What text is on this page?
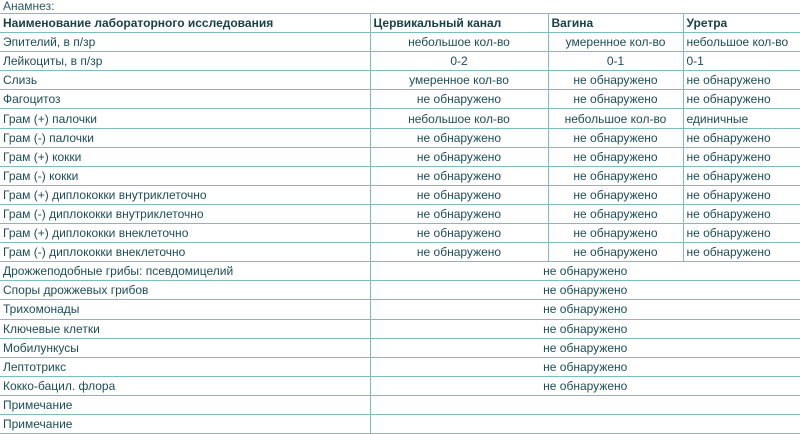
Анамнез:
Наименование лабораторного исследования	Цервикальный канал	Вагина	Уретра
Эпителий, в п/зр	небольшое кол-во	умеренное кол-во	небольшое кол-во
Лейкоциты, в п/зр	0-2	0-1	0-1
Слизь	умеренное кол-во	не обнаружено	не обнаружено
Фагоцитоз	не обнаружено	не обнаружено	не обнаружено
Грам (+) палочки	небольшое кол-во	небольшое кол-во	единичные
Грам (-) палочки	не обнаружено	не обнаружено	не обнаружено
Грам (+) кокки	не обнаружено	не обнаружено	не обнаружено
Грам (-) кокки	не обнаружено	не обнаружено	не обнаружено
Грам (+) диплококки внутриклеточно	не обнаружено	не обнаружено	не обнаружено
Грам (-) диплококки внутриклеточно	не обнаружено	не обнаружено	не обнаружено
Грам (+) диплококки внеклеточно	не обнаружено	не обнаружено	не обнаружено
Грам (-) диплококки внеклеточно	не обнаружено	не обнаружено	не обнаружено
Дрожжеподобные грибы: псевдомицелий	не обнаружено		
Споры дрожжевых грибов	не обнаружено		
Трихомонады	не обнаружено		
Ключевые клетки	не обнаружено		
Мобилункусы	не обнаружено		
Лептотрикс	не обнаружено		
Кокко-бацил. флора	не обнаружено		
Примечание			
Примечание			
